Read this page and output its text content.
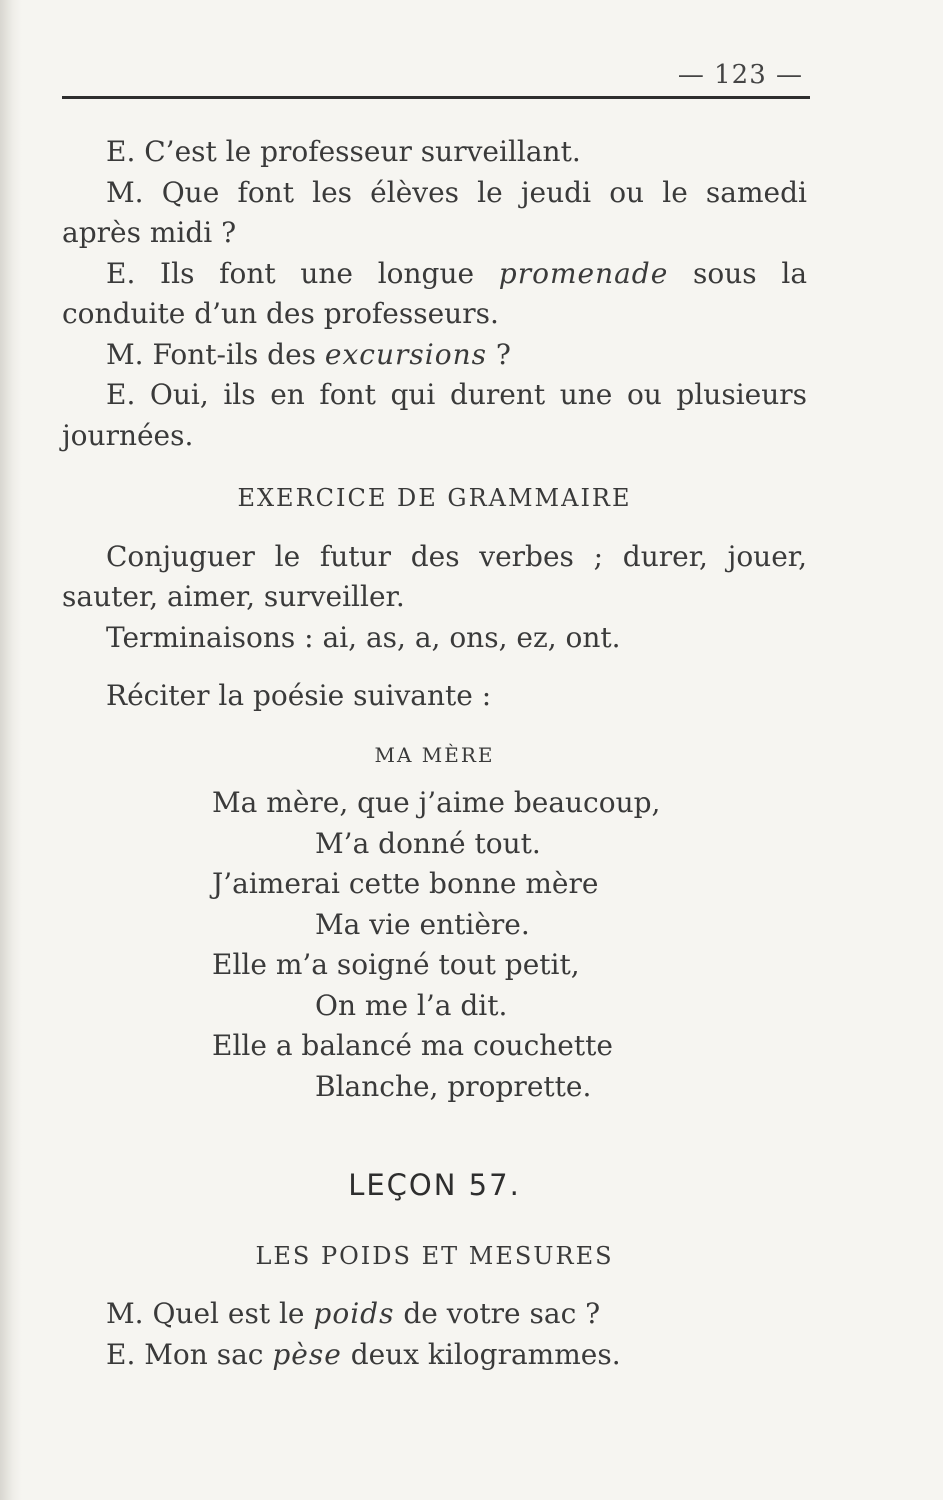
— 123 —

E. C’est le professeur surveillant.

M. Que font les élèves le jeudi ou le samedi après midi ?

E. Ils font une longue promenade sous la conduite d’un des professeurs.

M. Font-ils des excursions ?

E. Oui, ils en font qui durent une ou plusieurs journées.

EXERCICE DE GRAMMAIRE

Conjuguer le futur des verbes ; durer, jouer, sauter, aimer, surveiller.

Terminaisons : ai, as, a, ons, ez, ont.

Réciter la poésie suivante :

MA MÈRE

Ma mère, que j’aime beaucoup,

M’a donné tout.

J’aimerai cette bonne mère

Ma vie entière.

Elle m’a soigné tout petit,

On me l’a dit.

Elle a balancé ma couchette

Blanche, proprette.

LEÇON 57.
LES POIDS ET MESURES

M. Quel est le poids de votre sac ?

E. Mon sac pèse deux kilogrammes.
